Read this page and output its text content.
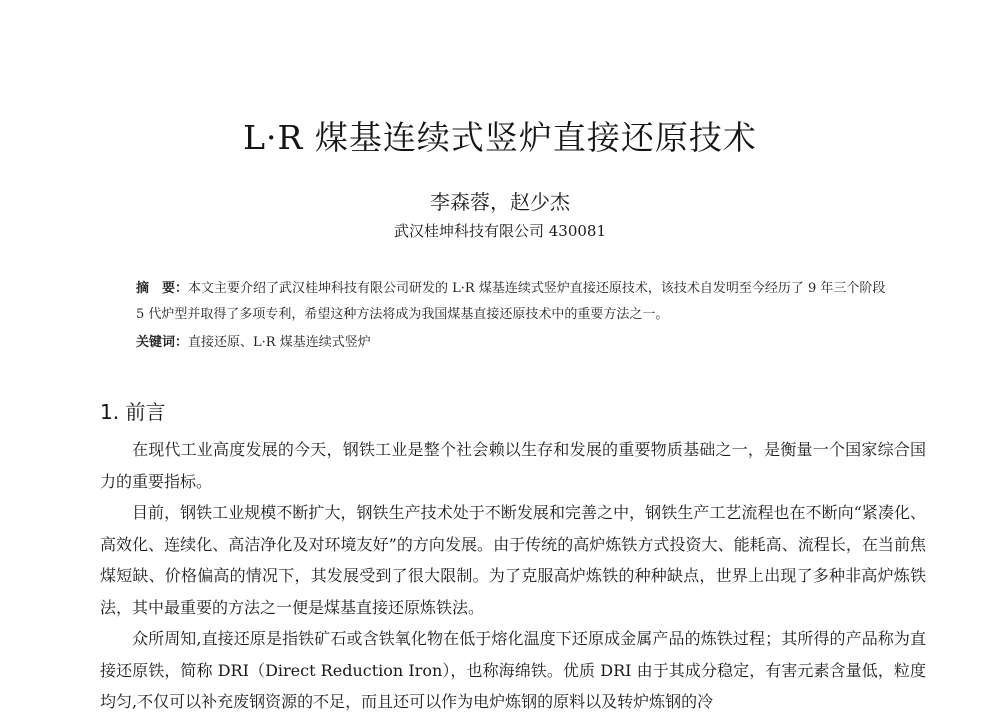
L·R 煤基连续式竖炉直接还原技术
李森蓉，赵少杰
武汉桂坤科技有限公司 430081
摘　要：本文主要介绍了武汉桂坤科技有限公司研发的 L·R 煤基连续式竖炉直接还原技术，该技术自发明至今经历了 9 年三个阶段 5 代炉型并取得了多项专利，希望这种方法将成为我国煤基直接还原技术中的重要方法之一。
关键词：直接还原、L·R 煤基连续式竖炉
1. 前言

在现代工业高度发展的今天，钢铁工业是整个社会赖以生存和发展的重要物质基础之一，是衡量一个国家综合国力的重要指标。

目前，钢铁工业规模不断扩大，钢铁生产技术处于不断发展和完善之中，钢铁生产工艺流程也在不断向“紧凑化、高效化、连续化、高洁净化及对环境友好”的方向发展。由于传统的高炉炼铁方式投资大、能耗高、流程长，在当前焦煤短缺、价格偏高的情况下，其发展受到了很大限制。为了克服高炉炼铁的种种缺点，世界上出现了多种非高炉炼铁法，其中最重要的方法之一便是煤基直接还原炼铁法。

众所周知,直接还原是指铁矿石或含铁氧化物在低于熔化温度下还原成金属产品的炼铁过程；其所得的产品称为直接还原铁，简称 DRI（Direct Reduction Iron），也称海绵铁。优质 DRI 由于其成分稳定，有害元素含量低，粒度均匀,不仅可以补充废钢资源的不足，而且还可以作为电炉炼钢的原料以及转炉炼钢的冷
